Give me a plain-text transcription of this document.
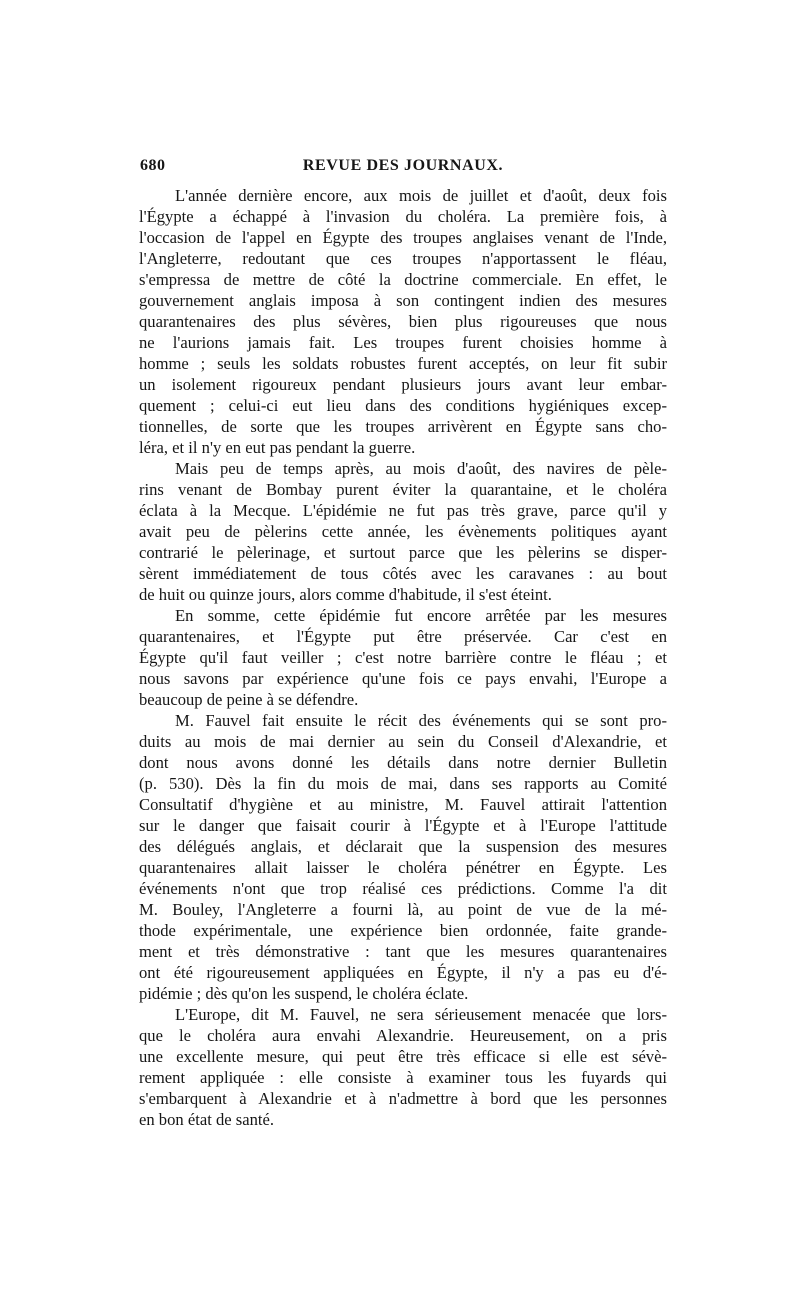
680	REVUE DES JOURNAUX.
L'année dernière encore, aux mois de juillet et d'août, deux fois
l'Égypte a échappé à l'invasion du choléra. La première fois, à
l'occasion de l'appel en Égypte des troupes anglaises venant de l'Inde,
l'Angleterre, redoutant que ces troupes n'apportassent le fléau,
s'empressa de mettre de côté la doctrine commerciale. En effet, le
gouvernement anglais imposa à son contingent indien des mesures
quarantenaires des plus sévères, bien plus rigoureuses que nous
ne l'aurions jamais fait. Les troupes furent choisies homme à
homme ; seuls les soldats robustes furent acceptés, on leur fit subir
un isolement rigoureux pendant plusieurs jours avant leur embar-
quement ; celui-ci eut lieu dans des conditions hygiéniques excep-
tionnelles, de sorte que les troupes arrivèrent en Égypte sans cho-
léra, et il n'y en eut pas pendant la guerre.
Mais peu de temps après, au mois d'août, des navires de pèle-
rins venant de Bombay purent éviter la quarantaine, et le choléra
éclata à la Mecque. L'épidémie ne fut pas très grave, parce qu'il y
avait peu de pèlerins cette année, les évènements politiques ayant
contrarié le pèlerinage, et surtout parce que les pèlerins se disper-
sèrent immédiatement de tous côtés avec les caravanes : au bout
de huit ou quinze jours, alors comme d'habitude, il s'est éteint.
En somme, cette épidémie fut encore arrêtée par les mesures
quarantenaires, et l'Égypte put être préservée. Car c'est en
Égypte qu'il faut veiller ; c'est notre barrière contre le fléau ; et
nous savons par expérience qu'une fois ce pays envahi, l'Europe a
beaucoup de peine à se défendre.
M. Fauvel fait ensuite le récit des événements qui se sont pro-
duits au mois de mai dernier au sein du Conseil d'Alexandrie, et
dont nous avons donné les détails dans notre dernier Bulletin
(p. 530). Dès la fin du mois de mai, dans ses rapports au Comité
Consultatif d'hygiène et au ministre, M. Fauvel attirait l'attention
sur le danger que faisait courir à l'Égypte et à l'Europe l'attitude
des délégués anglais, et déclarait que la suspension des mesures
quarantenaires allait laisser le choléra pénétrer en Égypte. Les
événements n'ont que trop réalisé ces prédictions. Comme l'a dit
M. Bouley, l'Angleterre a fourni là, au point de vue de la mé-
thode expérimentale, une expérience bien ordonnée, faite grande-
ment et très démonstrative : tant que les mesures quarantenaires
ont été rigoureusement appliquées en Égypte, il n'y a pas eu d'é-
pidémie ; dès qu'on les suspend, le choléra éclate.
L'Europe, dit M. Fauvel, ne sera sérieusement menacée que lors-
que le choléra aura envahi Alexandrie. Heureusement, on a pris
une excellente mesure, qui peut être très efficace si elle est sévè-
rement appliquée : elle consiste à examiner tous les fuyards qui
s'embarquent à Alexandrie et à n'admettre à bord que les personnes
en bon état de santé.
